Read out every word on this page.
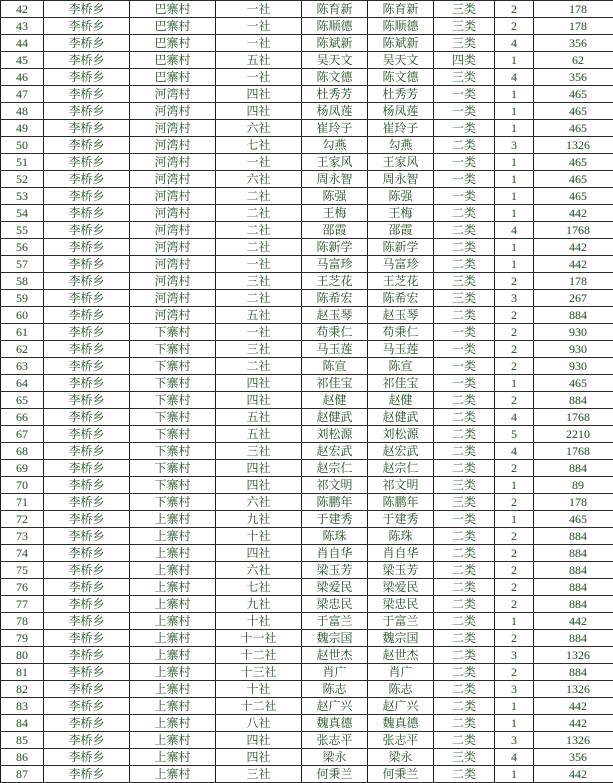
42	李桥乡	巴寨村	一社	陈育新	陈育新	三类	2	178
43	李桥乡	巴寨村	一社	陈顺德	陈顺德	三类	2	178
44	李桥乡	巴寨村	一社	陈斌新	陈斌新	三类	4	356
45	李桥乡	巴寨村	五社	吴天文	吴天文	四类	1	62
46	李桥乡	巴寨村	一社	陈文德	陈文德	三类	4	356
47	李桥乡	河湾村	四社	杜秀芳	杜秀芳	一类	1	465
48	李桥乡	河湾村	四社	杨凤莲	杨凤莲	一类	1	465
49	李桥乡	河湾村	六社	崔玲子	崔玲子	一类	1	465
50	李桥乡	河湾村	七社	勾燕	勾燕	二类	3	1326
51	李桥乡	河湾村	一社	王家风	王家风	一类	1	465
52	李桥乡	河湾村	六社	周永智	周永智	一类	1	465
53	李桥乡	河湾村	二社	陈强	陈强	一类	1	465
54	李桥乡	河湾村	二社	王梅	王梅	二类	1	442
55	李桥乡	河湾村	二社	邵霞	邵霞	二类	4	1768
56	李桥乡	河湾村	二社	陈新学	陈新学	二类	1	442
57	李桥乡	河湾村	一社	马富珍	马富珍	二类	1	442
58	李桥乡	河湾村	三社	王芝花	王芝花	三类	2	178
59	李桥乡	河湾村	二社	陈希宏	陈希宏	三类	3	267
60	李桥乡	河湾村	五社	赵玉琴	赵玉琴	二类	2	884
61	李桥乡	下寨村	一社	苟秉仁	苟秉仁	一类	2	930
62	李桥乡	下寨村	三社	马玉莲	马玉莲	一类	2	930
63	李桥乡	下寨村	二社	陈宣	陈宣	一类	2	930
64	李桥乡	下寨村	四社	祁佳宝	祁佳宝	一类	1	465
65	李桥乡	下寨村	四社	赵健	赵健	二类	2	884
66	李桥乡	下寨村	五社	赵健武	赵健武	二类	4	1768
67	李桥乡	下寨村	五社	刘松源	刘松源	二类	5	2210
68	李桥乡	下寨村	三社	赵宏武	赵宏武	二类	4	1768
69	李桥乡	下寨村	四社	赵宗仁	赵宗仁	二类	2	884
70	李桥乡	下寨村	四社	祁文明	祁文明	三类	1	89
71	李桥乡	下寨村	六社	陈鹏年	陈鹏年	三类	2	178
72	李桥乡	上寨村	九社	于建秀	于建秀	一类	1	465
73	李桥乡	上寨村	十社	陈珠	陈珠	二类	2	884
74	李桥乡	上寨村	四社	肖自华	肖自华	二类	2	884
75	李桥乡	上寨村	六社	梁玉芳	梁玉芳	二类	2	884
76	李桥乡	上寨村	七社	梁爱民	梁爱民	二类	2	884
77	李桥乡	上寨村	九社	梁忠民	梁忠民	二类	2	884
78	李桥乡	上寨村	十社	于富兰	于富兰	二类	1	442
79	李桥乡	上寨村	十一社	魏宗国	魏宗国	二类	2	884
80	李桥乡	上寨村	十二社	赵世杰	赵世杰	二类	3	1326
81	李桥乡	上寨村	十三社	肖广	肖广	二类	2	884
82	李桥乡	上寨村	十社	陈志	陈志	二类	3	1326
83	李桥乡	上寨村	十二社	赵广兴	赵广兴	二类	1	442
84	李桥乡	上寨村	八社	魏真德	魏真德	二类	1	442
85	李桥乡	上寨村	四社	张志平	张志平	二类	3	1326
86	李桥乡	上寨村	四社	梁永	梁永	三类	4	356
87	李桥乡	上寨村	三社	何秉兰	何秉兰	二类	1	442
